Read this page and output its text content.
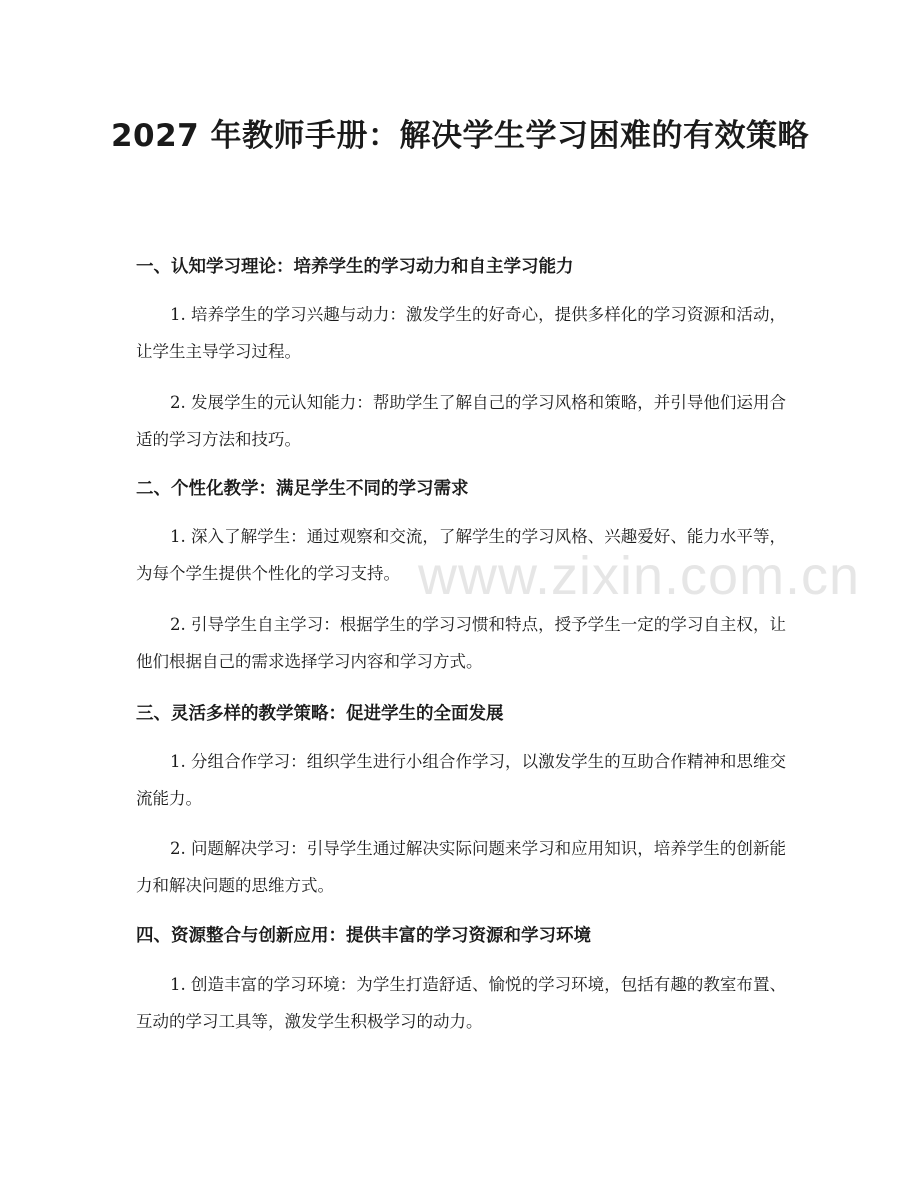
2027 年教师手册：解决学生学习困难的有效策略
一、认知学习理论：培养学生的学习动力和自主学习能力

1. 培养学生的学习兴趣与动力：激发学生的好奇心，提供多样化的学习资源和活动，让学生主导学习过程。

2. 发展学生的元认知能力：帮助学生了解自己的学习风格和策略，并引导他们运用合适的学习方法和技巧。

二、个性化教学：满足学生不同的学习需求

1. 深入了解学生：通过观察和交流，了解学生的学习风格、兴趣爱好、能力水平等，为每个学生提供个性化的学习支持。

2. 引导学生自主学习：根据学生的学习习惯和特点，授予学生一定的学习自主权，让他们根据自己的需求选择学习内容和学习方式。

三、灵活多样的教学策略：促进学生的全面发展

1. 分组合作学习：组织学生进行小组合作学习，以激发学生的互助合作精神和思维交流能力。

2. 问题解决学习：引导学生通过解决实际问题来学习和应用知识，培养学生的创新能力和解决问题的思维方式。

四、资源整合与创新应用：提供丰富的学习资源和学习环境

1. 创造丰富的学习环境：为学生打造舒适、愉悦的学习环境，包括有趣的教室布置、互动的学习工具等，激发学生积极学习的动力。

www.zixin.com.cn
